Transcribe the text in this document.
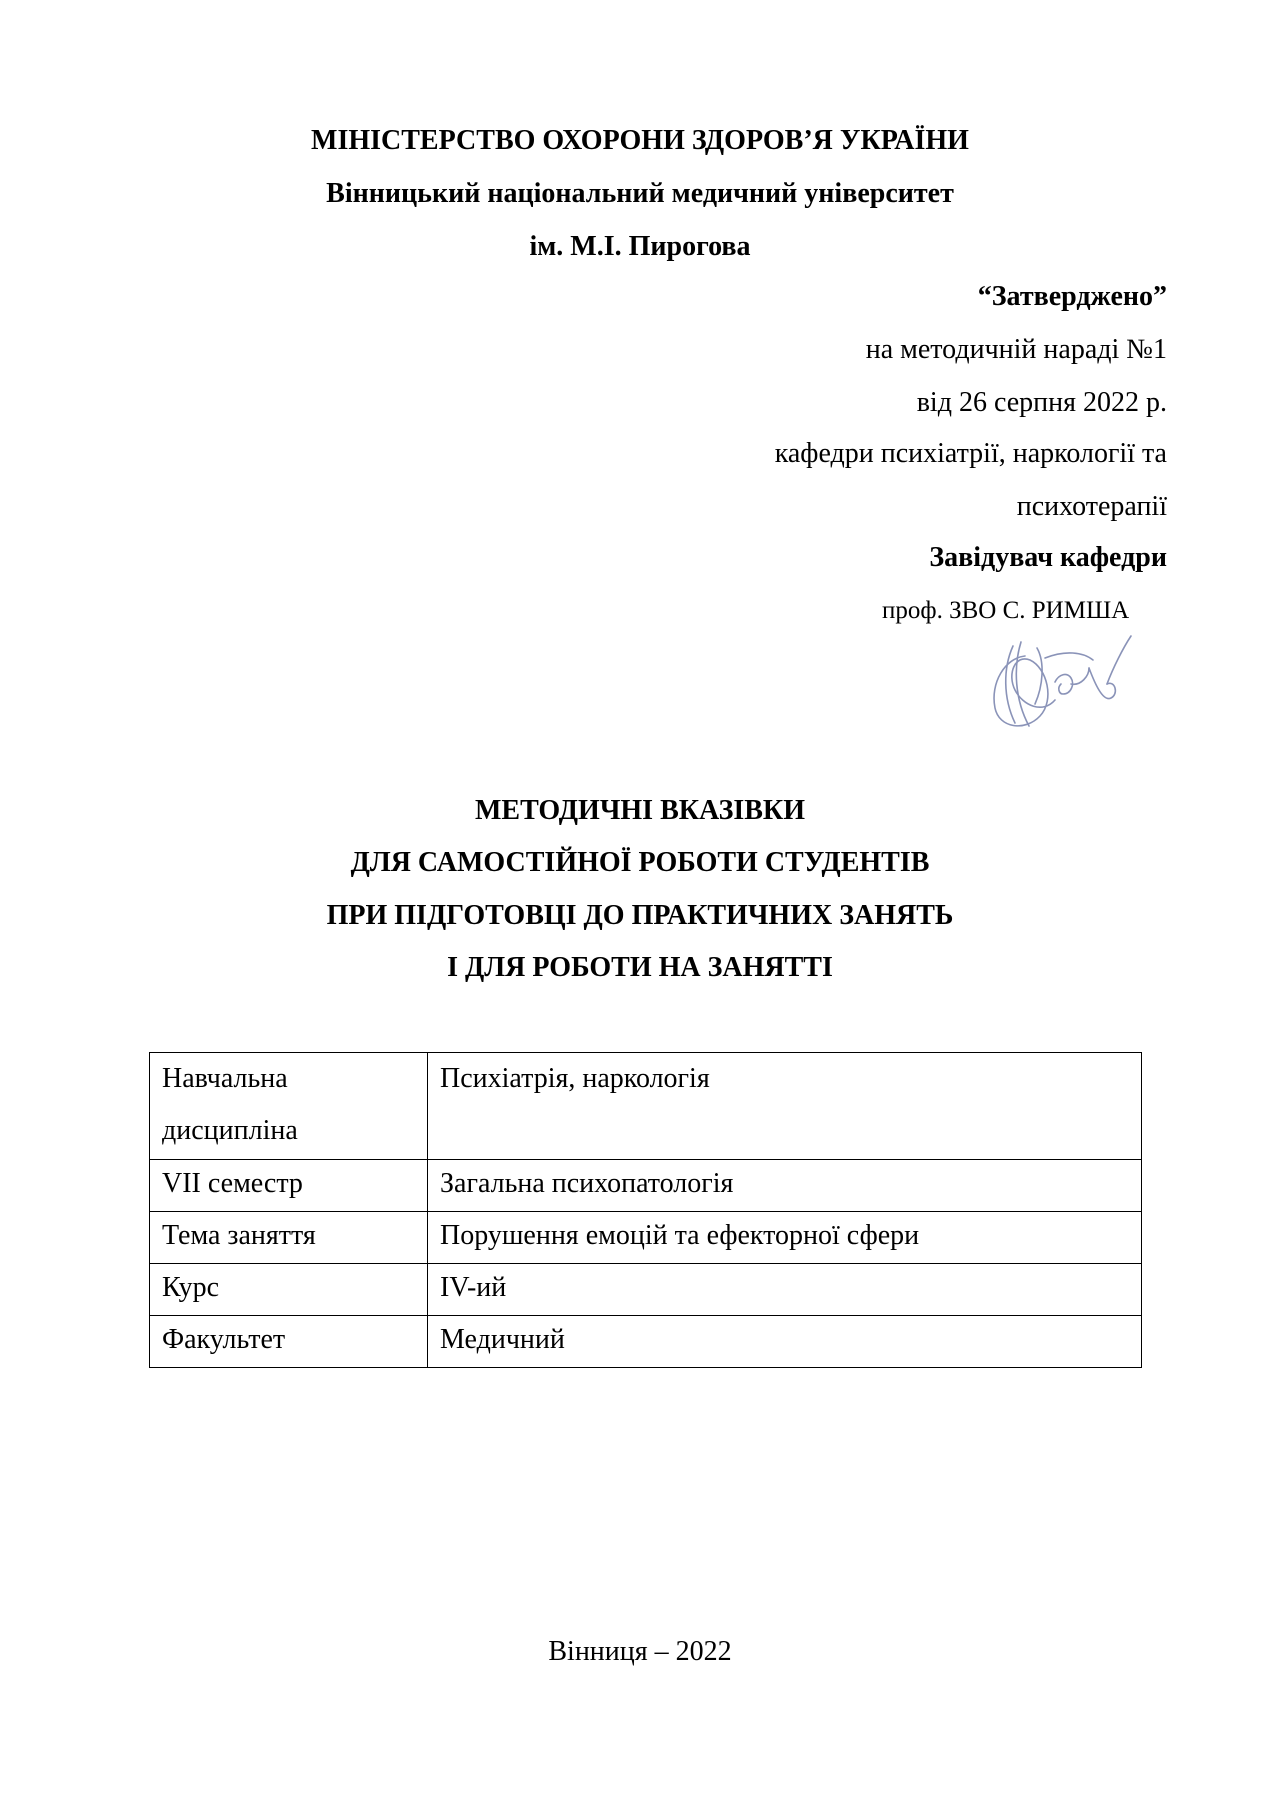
МІНІСТЕРСТВО ОХОРОНИ ЗДОРОВ’Я УКРАЇНИ
Вінницький національний медичний університет
ім. М.І. Пирогова
“Затверджено”
на методичній нараді №1
від 26 серпня 2022 р.
кафедри психіатрії, наркології та
психотерапії
Завідувач кафедри
проф. ЗВО С. РИМША
МЕТОДИЧНІ ВКАЗІВКИ
ДЛЯ САМОСТІЙНОЇ РОБОТИ СТУДЕНТІВ
ПРИ ПІДГОТОВЦІ ДО ПРАКТИЧНИХ ЗАНЯТЬ
І ДЛЯ РОБОТИ НА ЗАНЯТТІ
Навчальна дисципліна	Психіатрія, наркологія
VII семестр	Загальна психопатологія
Тема заняття	Порушення емоцій та ефекторної сфери
Курс	ІV-ий
Факультет	Медичний
Вінниця – 2022
